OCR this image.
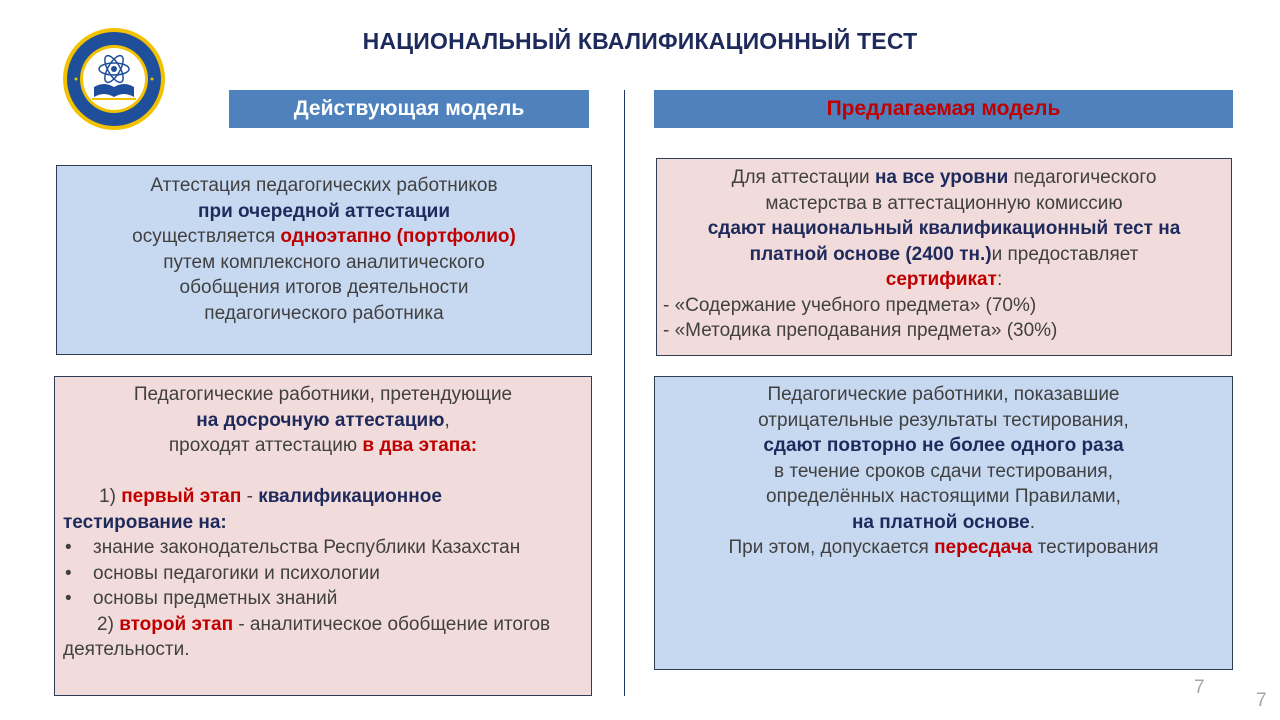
НАЦИОНАЛЬНЫЙ КВАЛИФИКАЦИОННЫЙ ТЕСТ
Действующая модель	Предлагаемая модель
Аттестация педагогических работников
при очередной аттестации
осуществляется одноэтапно (портфолио)
путем комплексного аналитического
обобщения итогов деятельности
педагогического работника
Для аттестации на все уровни педагогического
мастерства в аттестационную комиссию
сдают национальный квалификационный тест на
платной основе (2400 тн.)и предоставляет
сертификат:
- «Содержание учебного предмета» (70%)
- «Методика преподавания предмета» (30%)
Педагогические работники, претендующие
на досрочную аттестацию,
проходят аттестацию в два этапа:
1) первый этап - квалификационное
тестирование на:
• знание законодательства Республики Казахстан
• основы педагогики и психологии
• основы предметных знаний
2) второй этап - аналитическое обобщение итогов деятельности.
Педагогические работники, показавшие
отрицательные результаты тестирования,
сдают повторно не более одного раза
в течение сроков сдачи тестирования,
определённых настоящими Правилами,
на платной основе.
При этом, допускается пересдача тестирования
7
7
